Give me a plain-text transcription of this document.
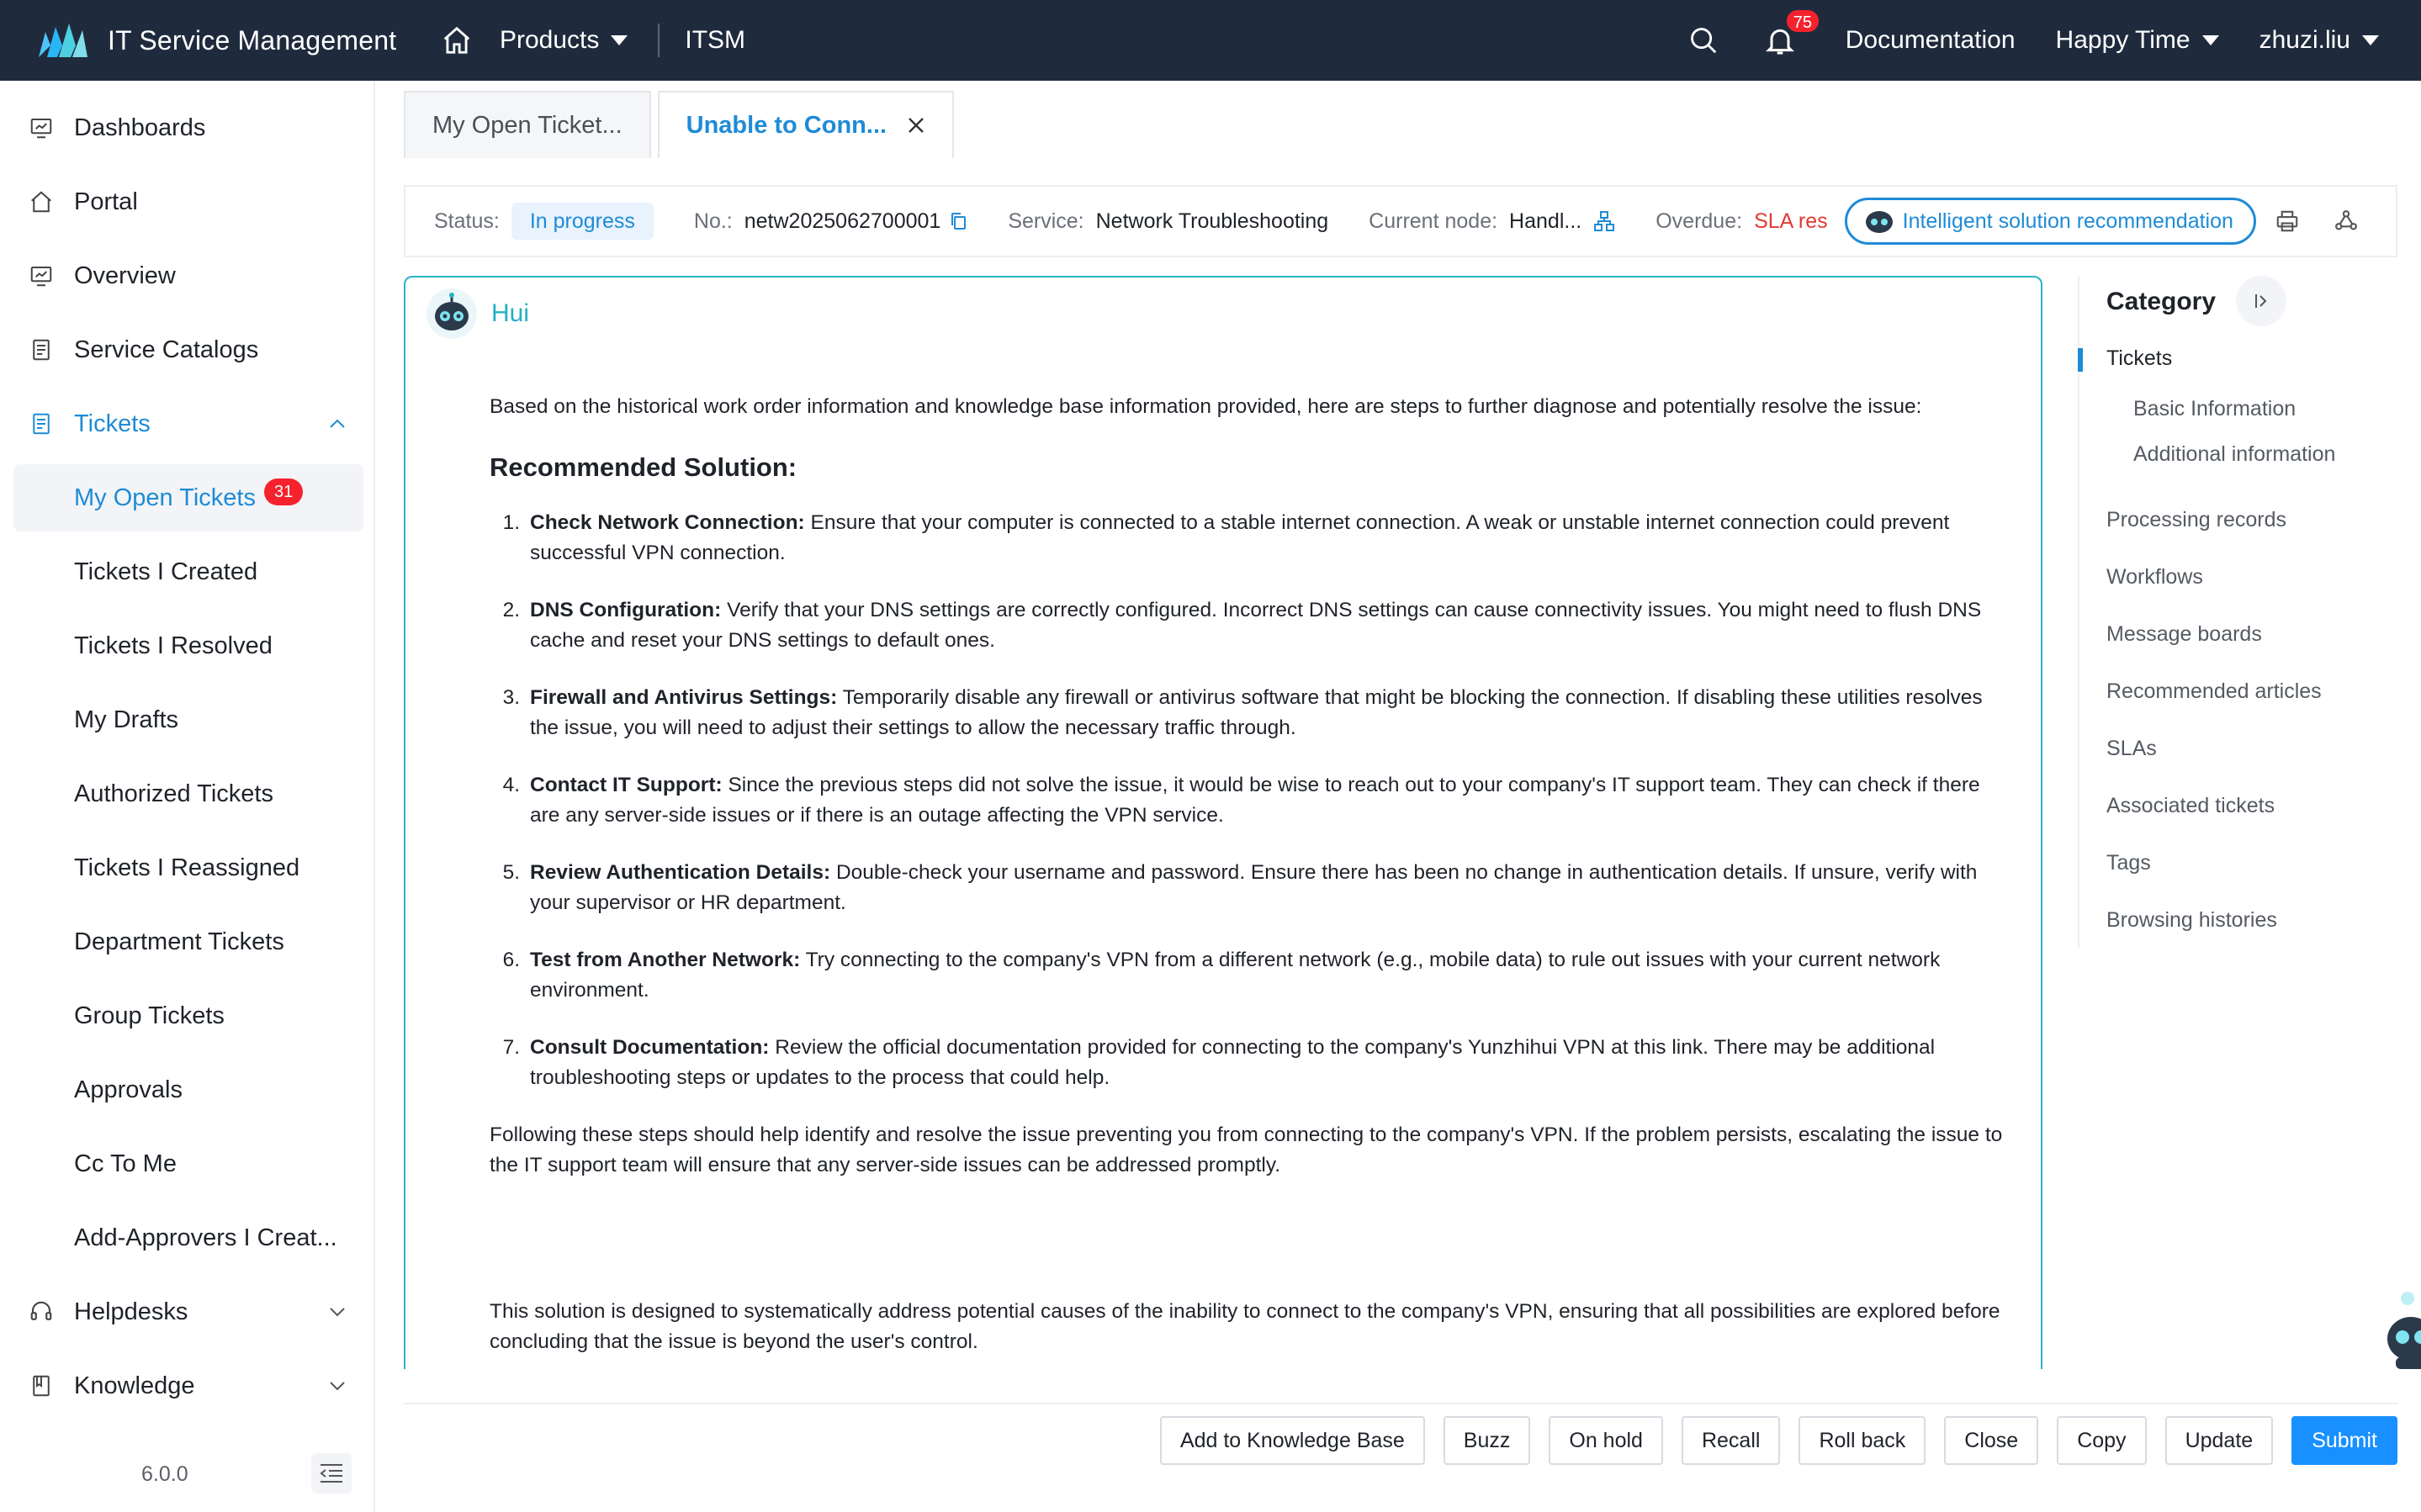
IT Service Management	Products	ITSM
75
Documentation Happy Time	zhuzi.liu
Dashboards
Portal
Overview
Service Catalogs
Tickets
My Open Tickets	31
Tickets I Created
Tickets I Resolved
My Drafts
Authorized Tickets
Tickets I Reassigned
Department Tickets
Group Tickets
Approvals
Cc To Me
Add-Approvers I Creat...
Helpdesks
Knowledge
6.0.0
My Open Ticket...	Unable to Conn...
Status:	In progress	No.: netw2025062700001	Service: Network Troubleshooting Current node: Handl...	Overdue: SLA res	Intelligent solution recommendation
Hui

Based on the historical work order information and knowledge base information provided, here are steps to further diagnose and potentially resolve the issue:

Recommended Solution:
1. Check Network Connection: Ensure that your computer is connected to a stable internet connection. A weak or unstable internet connection could prevent successful VPN connection.
2. DNS Configuration: Verify that your DNS settings are correctly configured. Incorrect DNS settings can cause connectivity issues. You might need to flush DNS cache and reset your DNS settings to default ones.
3. Firewall and Antivirus Settings: Temporarily disable any firewall or antivirus software that might be blocking the connection. If disabling these utilities resolves the issue, you will need to adjust their settings to allow the necessary traffic through.
4. Contact IT Support: Since the previous steps did not solve the issue, it would be wise to reach out to your company's IT support team. They can check if there are any server-side issues or if there is an outage affecting the VPN service.
5. Review Authentication Details: Double-check your username and password. Ensure there has been no change in authentication details. If unsure, verify with your supervisor or HR department.
6. Test from Another Network: Try connecting to the company's VPN from a different network (e.g., mobile data) to rule out issues with your current network environment.
7. Consult Documentation: Review the official documentation provided for connecting to the company's Yunzhihui VPN at this link. There may be additional troubleshooting steps or updates to the process that could help.

Following these steps should help identify and resolve the issue preventing you from connecting to the company's VPN. If the problem persists, escalating the issue to the IT support team will ensure that any server-side issues can be addressed promptly.

This solution is designed to systematically address potential causes of the inability to connect to the company's VPN, ensuring that all possibilities are explored before concluding that the issue is beyond the user's control.

Category
Tickets
Basic Information
Additional information
Processing records
Workflows
Message boards
Recommended articles
SLAs
Associated tickets
Tags
Browsing histories
Add to Knowledge Base	Buzz	On hold	Recall	Roll back	Close	Copy	Update	Submit
